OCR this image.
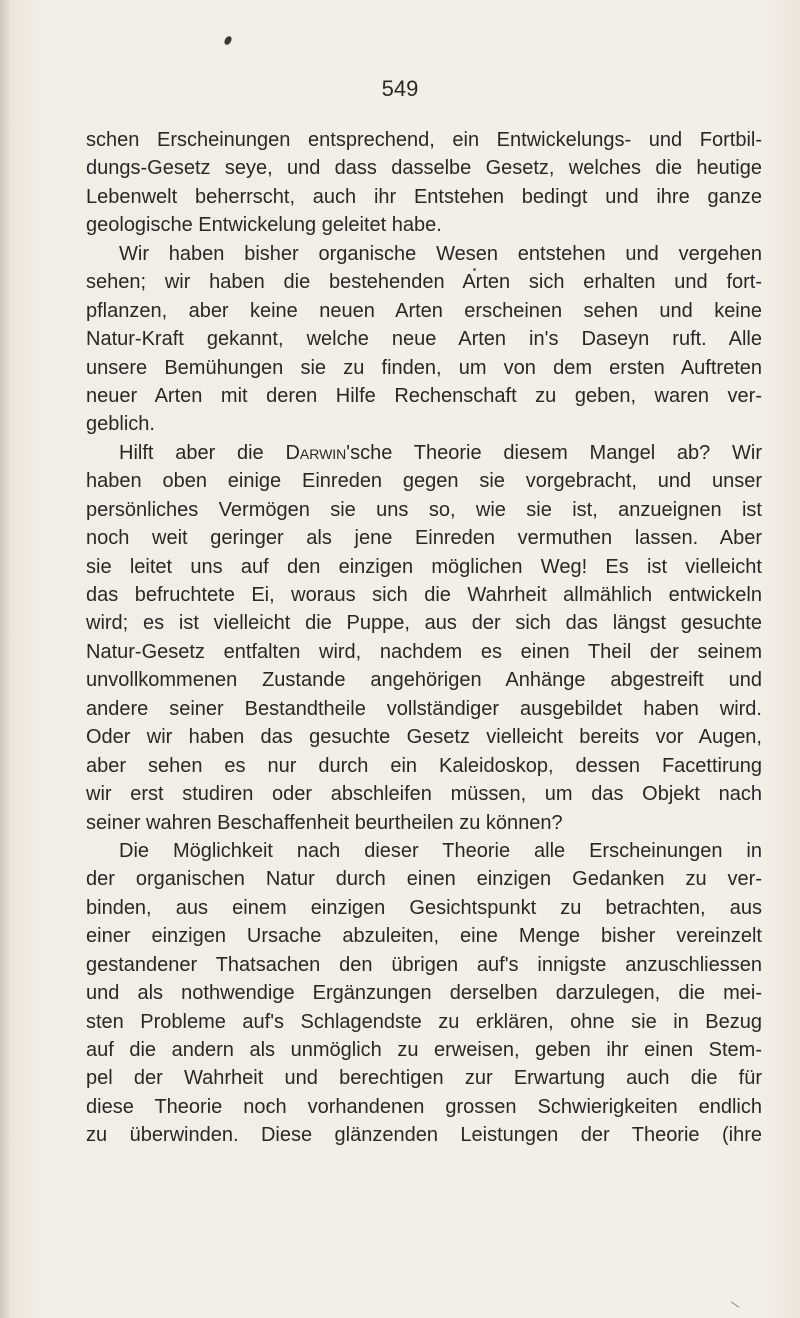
549
schen Erscheinungen entsprechend, ein Entwickelungs- und Fortbil-
dungs-Gesetz seye, und dass dasselbe Gesetz, welches die heutige
Lebenwelt beherrscht, auch ihr Entstehen bedingt und ihre ganze
geologische Entwickelung geleitet habe.
Wir haben bisher organische Wesen entstehen und vergehen
sehen; wir haben die bestehenden Arten sich erhalten und fort-
pflanzen, aber keine neuen Arten erscheinen sehen und keine
Natur-Kraft gekannt, welche neue Arten in's Daseyn ruft. Alle
unsere Bemühungen sie zu finden, um von dem ersten Auftreten
neuer Arten mit deren Hilfe Rechenschaft zu geben, waren ver-
geblich.
Hilft aber die Darwin'sche Theorie diesem Mangel ab? Wir
haben oben einige Einreden gegen sie vorgebracht, und unser
persönliches Vermögen sie uns so, wie sie ist, anzueignen ist
noch weit geringer als jene Einreden vermuthen lassen. Aber
sie leitet uns auf den einzigen möglichen Weg! Es ist vielleicht
das befruchtete Ei, woraus sich die Wahrheit allmählich entwickeln
wird; es ist vielleicht die Puppe, aus der sich das längst gesuchte
Natur-Gesetz entfalten wird, nachdem es einen Theil der seinem
unvollkommenen Zustande angehörigen Anhänge abgestreift und
andere seiner Bestandtheile vollständiger ausgebildet haben wird.
Oder wir haben das gesuchte Gesetz vielleicht bereits vor Augen,
aber sehen es nur durch ein Kaleidoskop, dessen Facettirung
wir erst studiren oder abschleifen müssen, um das Objekt nach
seiner wahren Beschaffenheit beurtheilen zu können?
Die Möglichkeit nach dieser Theorie alle Erscheinungen in
der organischen Natur durch einen einzigen Gedanken zu ver-
binden, aus einem einzigen Gesichtspunkt zu betrachten, aus
einer einzigen Ursache abzuleiten, eine Menge bisher vereinzelt
gestandener Thatsachen den übrigen auf's innigste anzuschliessen
und als nothwendige Ergänzungen derselben darzulegen, die mei-
sten Probleme auf's Schlagendste zu erklären, ohne sie in Bezug
auf die andern als unmöglich zu erweisen, geben ihr einen Stem-
pel der Wahrheit und berechtigen zur Erwartung auch die für
diese Theorie noch vorhandenen grossen Schwierigkeiten endlich
zu überwinden. Diese glänzenden Leistungen der Theorie (ihre
